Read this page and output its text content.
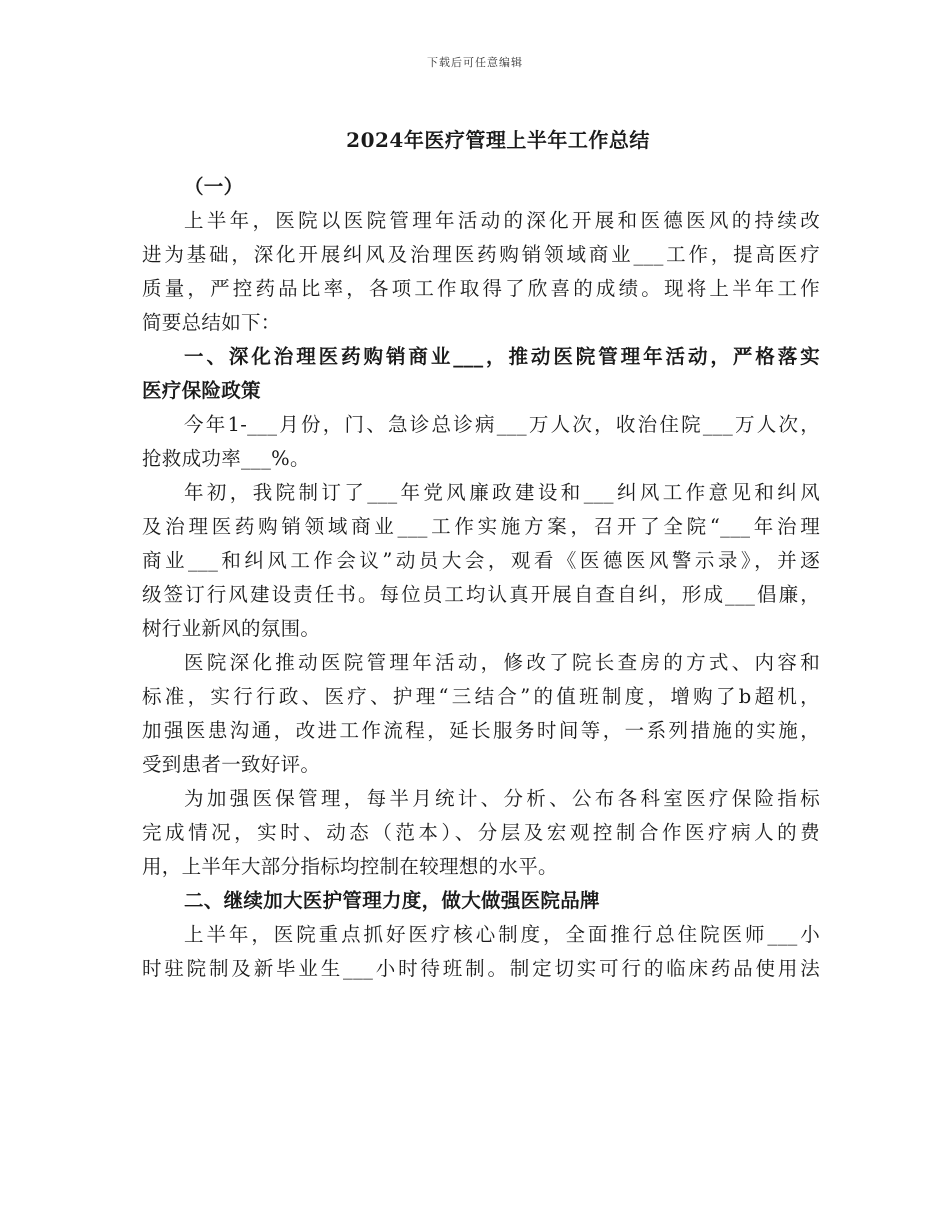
下载后可任意编辑
2024年医疗管理上半年工作总结
（一）
上半年，医院以医院管理年活动的深化开展和医德医风的持续改
进为基础，深化开展纠风及治理医药购销领域商业___工作，提高医疗
质量，严控药品比率，各项工作取得了欣喜的成绩。现将上半年工作
简要总结如下：
一、深化治理医药购销商业___，推动医院管理年活动，严格落实
医疗保险政策
今年1-___月份，门、急诊总诊病___万人次，收治住院___万人次，
抢救成功率___%。
年初，我院制订了___年党风廉政建设和___纠风工作意见和纠风
及治理医药购销领域商业___工作实施方案，召开了全院“___年治理
商业___和纠风工作会议”动员大会，观看《医德医风警示录》，并逐
级签订行风建设责任书。每位员工均认真开展自查自纠，形成___倡廉，
树行业新风的氛围。
医院深化推动医院管理年活动，修改了院长查房的方式、内容和
标准，实行行政、医疗、护理“三结合”的值班制度，增购了b超机，
加强医患沟通，改进工作流程，延长服务时间等，一系列措施的实施，
受到患者一致好评。
为加强医保管理，每半月统计、分析、公布各科室医疗保险指标
完成情况，实时、动态（范本）、分层及宏观控制合作医疗病人的费
用，上半年大部分指标均控制在较理想的水平。
二、继续加大医护管理力度，做大做强医院品牌
上半年，医院重点抓好医疗核心制度，全面推行总住院医师___小
时驻院制及新毕业生___小时待班制。制定切实可行的临床药品使用法
